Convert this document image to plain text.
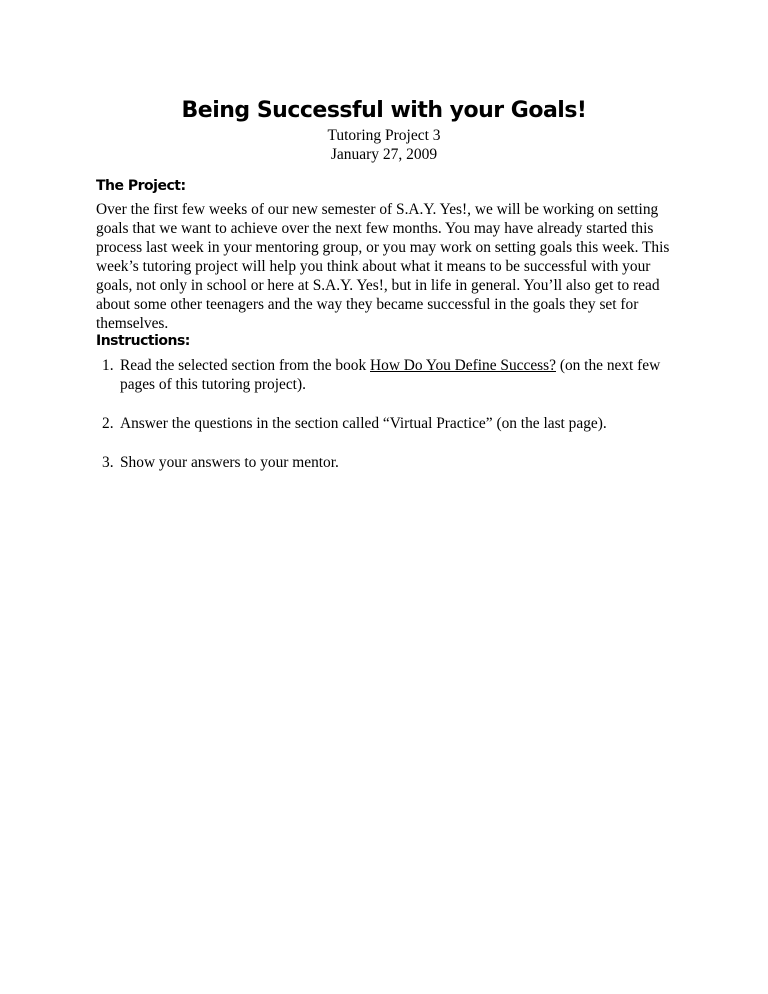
Being Successful with your Goals!
Tutoring Project 3
January 27, 2009
The Project:
Over the first few weeks of our new semester of S.A.Y. Yes!, we will be working on setting goals that we want to achieve over the next few months. You may have already started this process last week in your mentoring group, or you may work on setting goals this week. This week’s tutoring project will help you think about what it means to be successful with your goals, not only in school or here at S.A.Y. Yes!, but in life in general. You’ll also get to read about some other teenagers and the way they became successful in the goals they set for themselves.
Instructions:
1. Read the selected section from the book How Do You Define Success? (on the next few pages of this tutoring project).
2. Answer the questions in the section called “Virtual Practice” (on the last page).
3. Show your answers to your mentor.
